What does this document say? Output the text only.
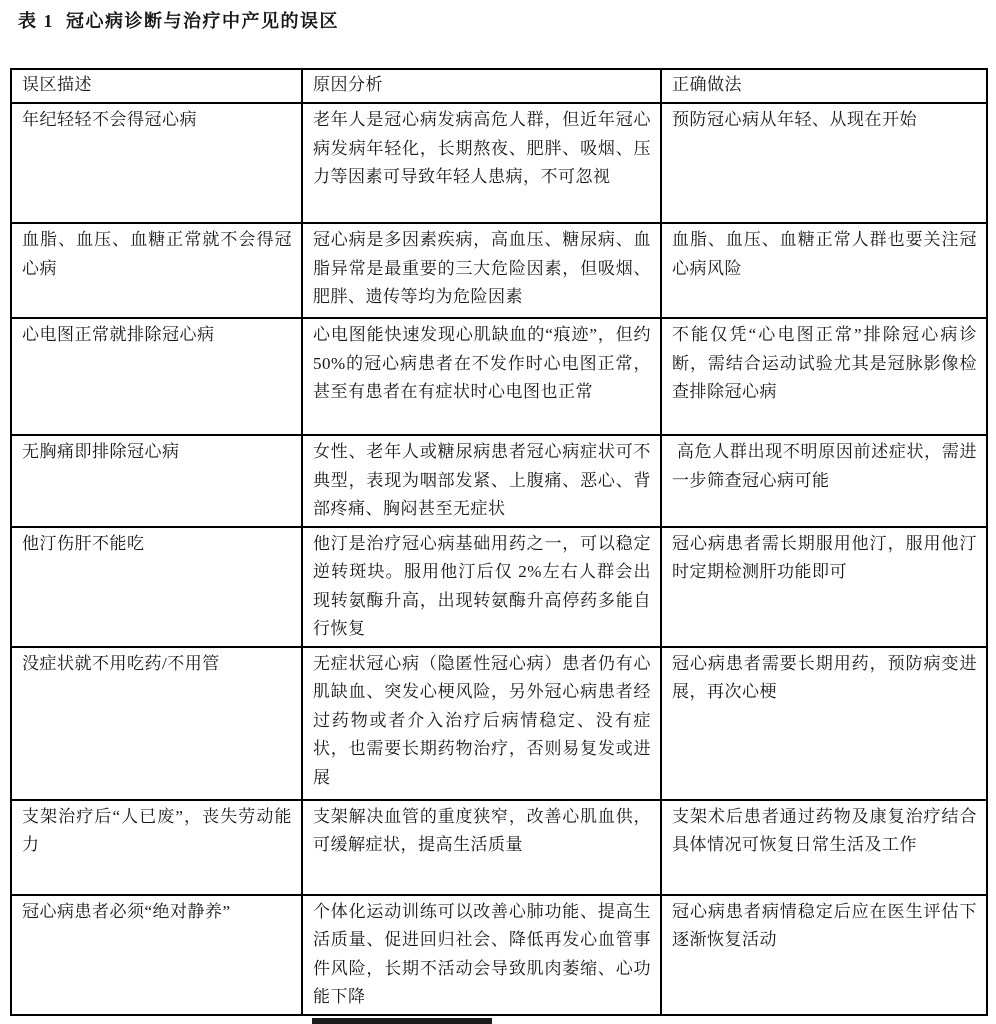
表 1  冠心病诊断与治疗中产见的误区
误区描述	原因分析	正确做法
年纪轻轻不会得冠心病	老年人是冠心病发病高危人群，但近年冠心病发病年轻化，长期熬夜、肥胖、吸烟、压力等因素可导致年轻人患病，不可忽视	预防冠心病从年轻、从现在开始
血脂、血压、血糖正常就不会得冠心病	冠心病是多因素疾病，高血压、糖尿病、血脂异常是最重要的三大危险因素，但吸烟、肥胖、遗传等均为危险因素	血脂、血压、血糖正常人群也要关注冠心病风险
心电图正常就排除冠心病	心电图能快速发现心肌缺血的“痕迹”，但约 50%的冠心病患者在不发作时心电图正常，甚至有患者在有症状时心电图也正常	不能仅凭“心电图正常”排除冠心病诊断，需结合运动试验尤其是冠脉影像检查排除冠心病
无胸痛即排除冠心病	女性、老年人或糖尿病患者冠心病症状可不典型，表现为咽部发紧、上腹痛、恶心、背部疼痛、胸闷甚至无症状	高危人群出现不明原因前述症状，需进一步筛查冠心病可能
他汀伤肝不能吃	他汀是治疗冠心病基础用药之一，可以稳定逆转斑块。服用他汀后仅 2%左右人群会出现转氨酶升高，出现转氨酶升高停药多能自行恢复	冠心病患者需长期服用他汀，服用他汀时定期检测肝功能即可
没症状就不用吃药/不用管	无症状冠心病（隐匿性冠心病）患者仍有心肌缺血、突发心梗风险，另外冠心病患者经过药物或者介入治疗后病情稳定、没有症状，也需要长期药物治疗，否则易复发或进展	冠心病患者需要长期用药，预防病变进展，再次心梗
支架治疗后“人已废”，丧失劳动能力	支架解决血管的重度狭窄，改善心肌血供，可缓解症状，提高生活质量	支架术后患者通过药物及康复治疗结合具体情况可恢复日常生活及工作
冠心病患者必须“绝对静养”	个体化运动训练可以改善心肺功能、提高生活质量、促进回归社会、降低再发心血管事件风险，长期不活动会导致肌肉萎缩、心功能下降	冠心病患者病情稳定后应在医生评估下逐渐恢复活动
